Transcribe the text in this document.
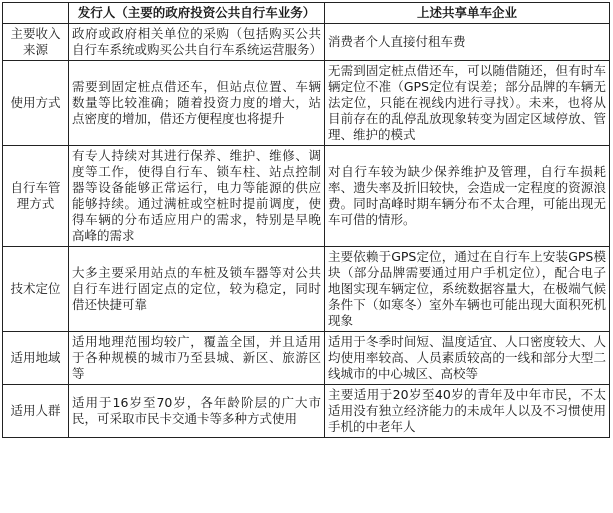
	发行人（主要的政府投资公共自行车业务）	上述共享单车企业
主要收入来源	政府或政府相关单位的采购（包括购买公共自行车系统或购买公共自行车系统运营服务）	消费者个人直接付租车费
使用方式	需要到固定桩点借还车，但站点位置、车辆数量等比较准确；随着投资力度的增大，站点密度的增加，借还方便程度也将提升	无需到固定桩点借还车，可以随借随还，但有时车辆定位不准（GPS定位有误差；部分品牌的车辆无法定位，只能在视线内进行寻找）。未来，也将从目前存在的乱停乱放现象转变为固定区域停放、管理、维护的模式
自行车管理方式	有专人持续对其进行保养、维护、维修、调度等工作，使得自行车、锁车柱、站点控制器等设备能够正常运行，电力等能源的供应能够持续。通过满桩或空桩时提前调度，使得车辆的分布适应用户的需求，特别是早晚高峰的需求	对自行车较为缺少保养维护及管理，自行车损耗率、遗失率及折旧较快，会造成一定程度的资源浪费。同时高峰时期车辆分布不太合理，可能出现无车可借的情形。
技术定位	大多主要采用站点的车桩及锁车器等对公共自行车进行固定点的定位，较为稳定，同时借还快捷可靠	主要依赖于GPS定位，通过在自行车上安装GPS模块（部分品牌需要通过用户手机定位），配合电子地图实现车辆定位，系统数据容量大，在极端气候条件下（如寒冬）室外车辆也可能出现大面积死机现象
适用地域	适用地理范围均较广，覆盖全国，并且适用于各种规模的城市乃至县城、新区、旅游区等	适用于冬季时间短、温度适宜、人口密度较大、人均使用率较高、人员素质较高的一线和部分大型二线城市的中心城区、高校等
适用人群	适用于16岁至70岁，各年龄阶层的广大市民，可采取市民卡交通卡等多种方式使用	主要适用于20岁至40岁的青年及中年市民，不太适用没有独立经济能力的未成年人以及不习惯使用手机的中老年人
